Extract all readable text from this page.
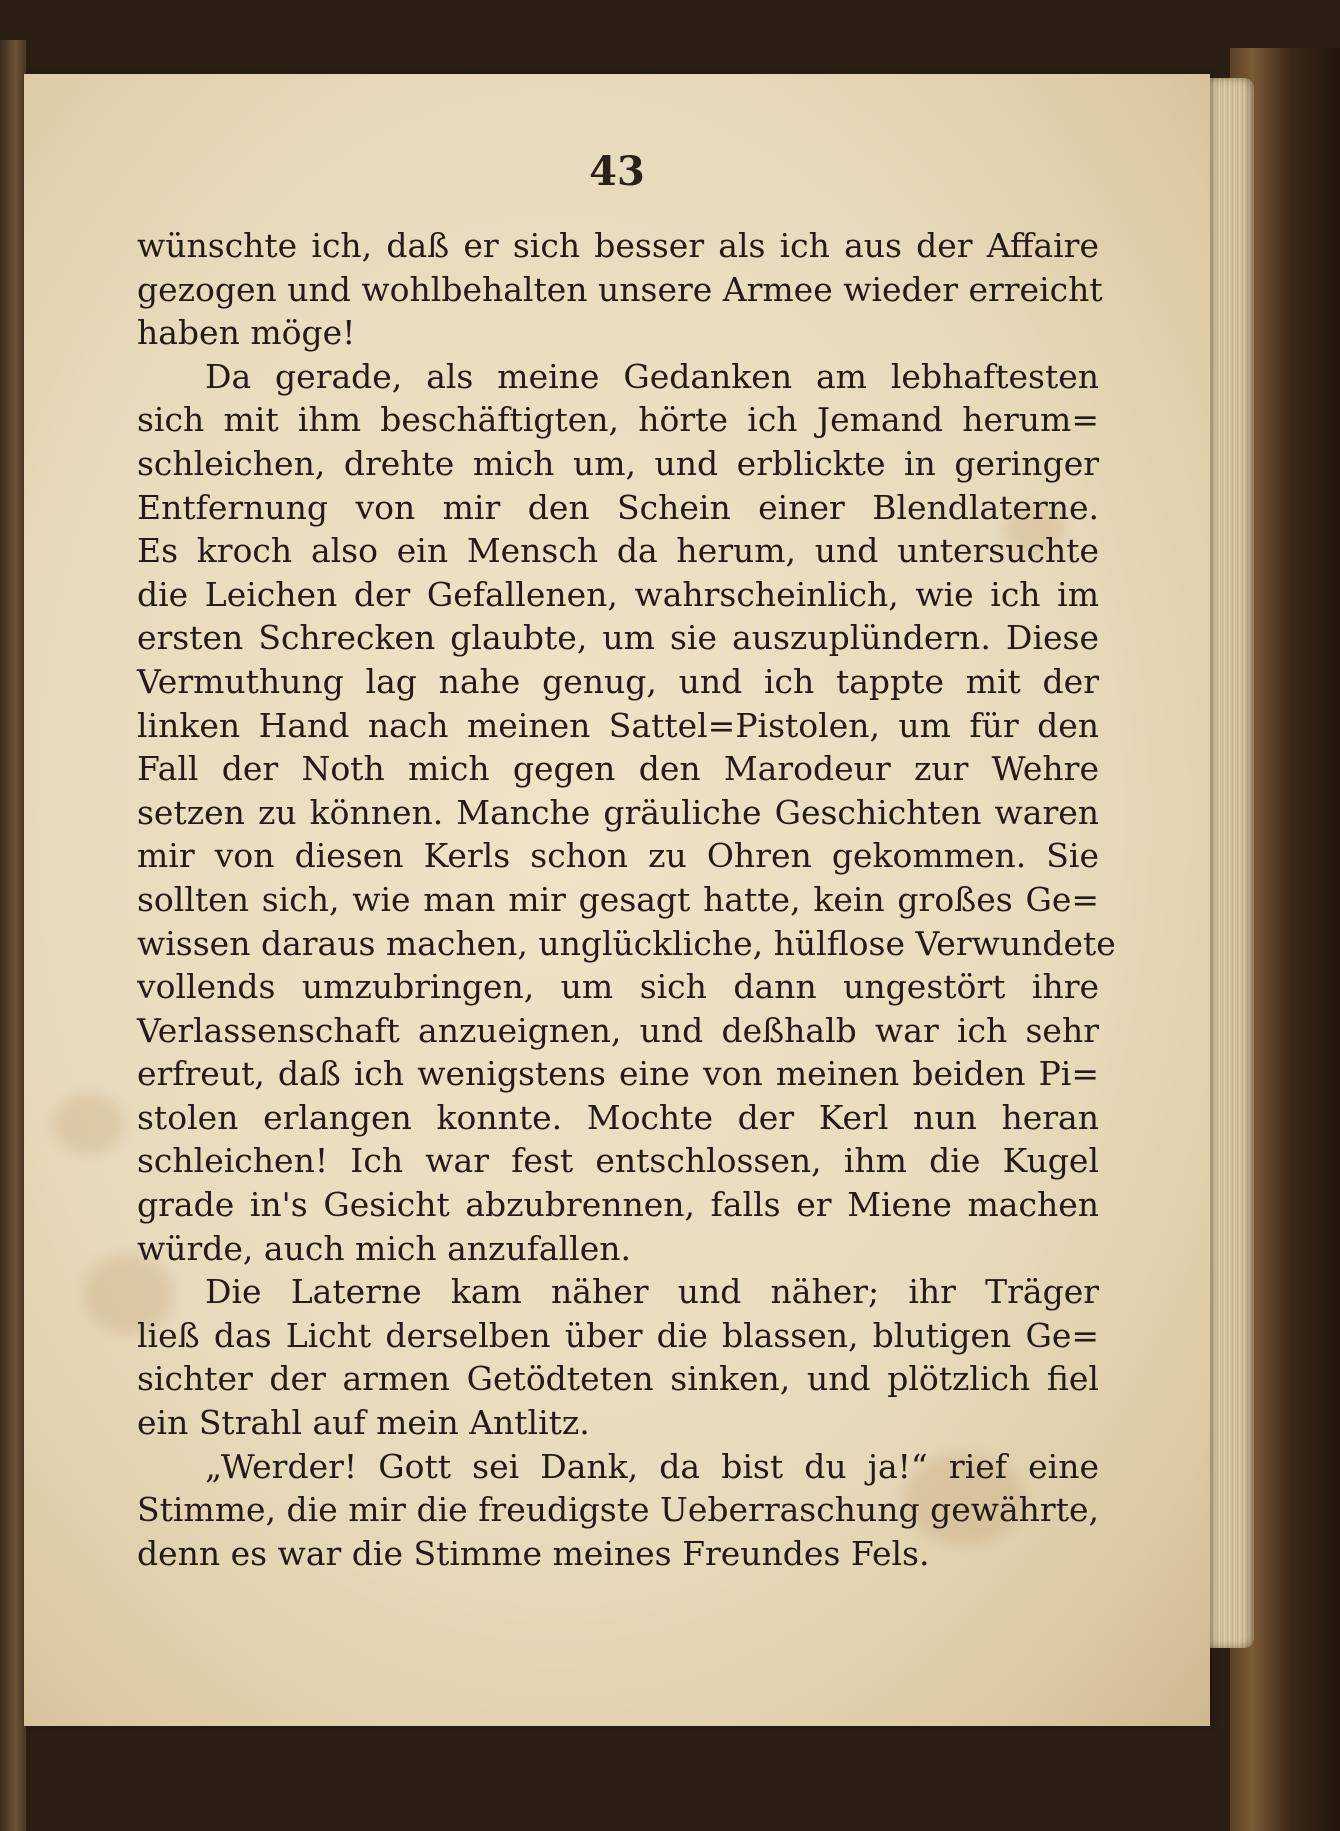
43
wünschte ich, daß er sich besser als ich aus der Affaire
gezogen und wohlbehalten unsere Armee wieder erreicht
haben möge!
Da gerade, als meine Gedanken am lebhaftesten
sich mit ihm beschäftigten, hörte ich Jemand herum=
schleichen, drehte mich um, und erblickte in geringer
Entfernung von mir den Schein einer Blendlaterne.
Es kroch also ein Mensch da herum, und untersuchte
die Leichen der Gefallenen, wahrscheinlich, wie ich im
ersten Schrecken glaubte, um sie auszuplündern. Diese
Vermuthung lag nahe genug, und ich tappte mit der
linken Hand nach meinen Sattel=Pistolen, um für den
Fall der Noth mich gegen den Marodeur zur Wehre
setzen zu können. Manche gräuliche Geschichten waren
mir von diesen Kerls schon zu Ohren gekommen. Sie
sollten sich, wie man mir gesagt hatte, kein großes Ge=
wissen daraus machen, unglückliche, hülflose Verwundete
vollends umzubringen, um sich dann ungestört ihre
Verlassenschaft anzueignen, und deßhalb war ich sehr
erfreut, daß ich wenigstens eine von meinen beiden Pi=
stolen erlangen konnte. Mochte der Kerl nun heran
schleichen! Ich war fest entschlossen, ihm die Kugel
grade in's Gesicht abzubrennen, falls er Miene machen
würde, auch mich anzufallen.
Die Laterne kam näher und näher; ihr Träger
ließ das Licht derselben über die blassen, blutigen Ge=
sichter der armen Getödteten sinken, und plötzlich fiel
ein Strahl auf mein Antlitz.
„Werder! Gott sei Dank, da bist du ja!“ rief eine
Stimme, die mir die freudigste Ueberraschung gewährte,
denn es war die Stimme meines Freundes Fels.
